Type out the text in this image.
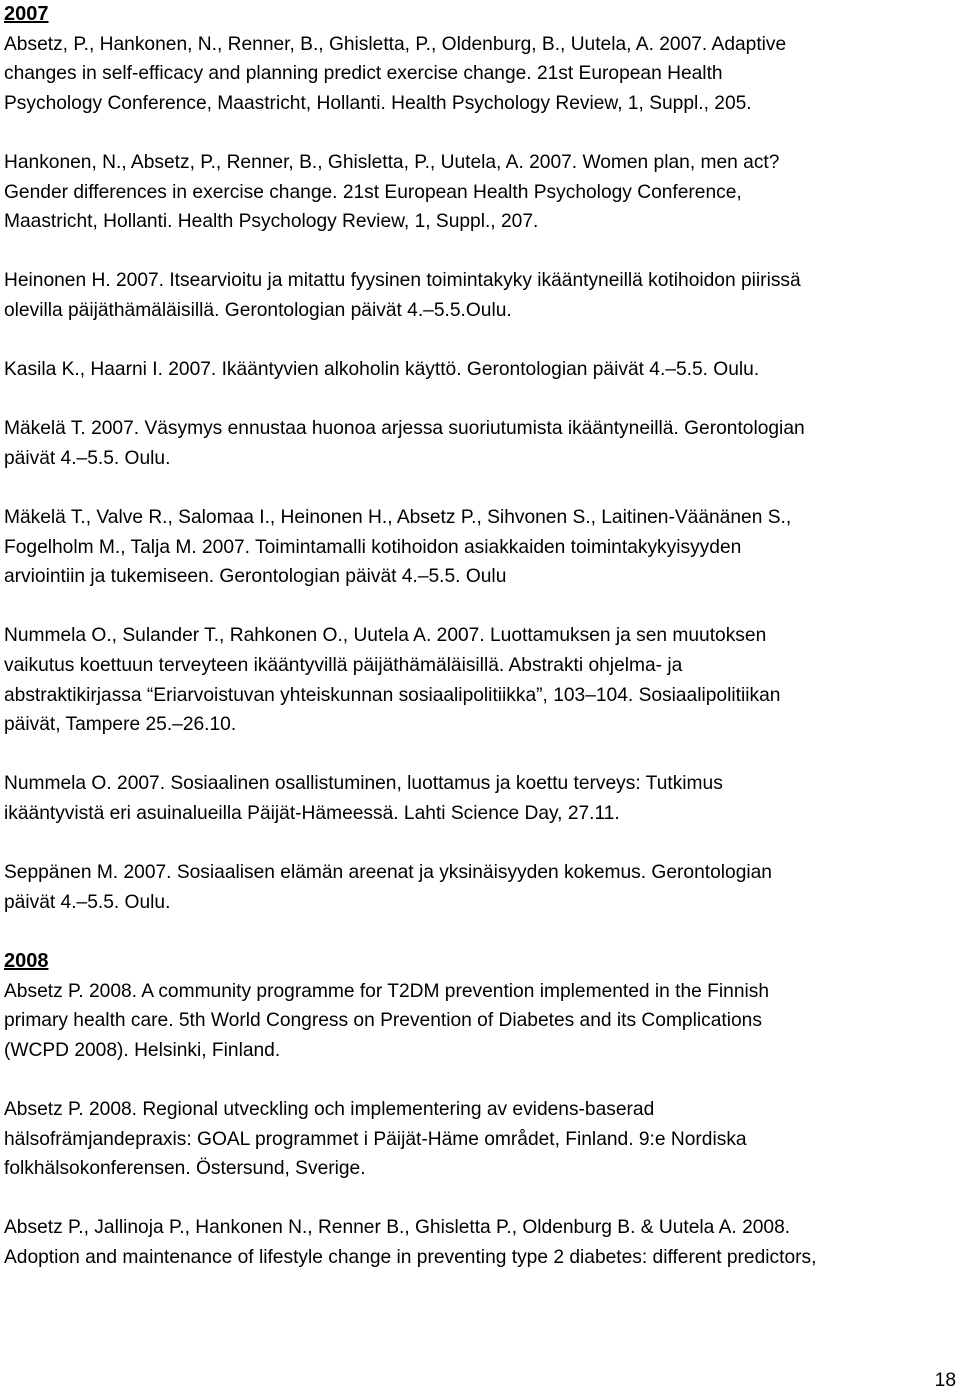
2007

Absetz, P., Hankonen, N., Renner, B., Ghisletta, P., Oldenburg, B., Uutela, A. 2007. Adaptive
changes in self-efficacy and planning predict exercise change. 21st European Health
Psychology Conference, Maastricht, Hollanti. Health Psychology Review, 1, Suppl., 205.

Hankonen, N., Absetz, P., Renner, B., Ghisletta, P., Uutela, A. 2007. Women plan, men act?
Gender differences in exercise change. 21st European Health Psychology Conference,
Maastricht, Hollanti. Health Psychology Review, 1, Suppl., 207.

Heinonen H. 2007. Itsearvioitu ja mitattu fyysinen toimintakyky ikääntyneillä kotihoidon piirissä
olevilla päijäthämäläisillä. Gerontologian päivät 4.–5.5.Oulu.

Kasila K., Haarni I. 2007. Ikääntyvien alkoholin käyttö. Gerontologian päivät 4.–5.5. Oulu.

Mäkelä T. 2007. Väsymys ennustaa huonoa arjessa suoriutumista ikääntyneillä. Gerontologian
päivät 4.–5.5. Oulu.

Mäkelä T., Valve R., Salomaa I., Heinonen H., Absetz P., Sihvonen S., Laitinen-Väänänen S.,
Fogelholm M., Talja M. 2007. Toimintamalli kotihoidon asiakkaiden toimintakykyisyyden
arviointiin ja tukemiseen. Gerontologian päivät 4.–5.5. Oulu

Nummela O., Sulander T., Rahkonen O., Uutela A. 2007. Luottamuksen ja sen muutoksen
vaikutus koettuun terveyteen ikääntyvillä päijäthämäläisillä. Abstrakti ohjelma- ja
abstraktikirjassa “Eriarvoistuvan yhteiskunnan sosiaalipolitiikka”, 103–104. Sosiaalipolitiikan
päivät, Tampere 25.–26.10.

Nummela O. 2007. Sosiaalinen osallistuminen, luottamus ja koettu terveys: Tutkimus
ikääntyvistä eri asuinalueilla Päijät-Hämeessä. Lahti Science Day, 27.11.

Seppänen M. 2007. Sosiaalisen elämän areenat ja yksinäisyyden kokemus. Gerontologian
päivät 4.–5.5. Oulu.

2008

Absetz P. 2008. A community programme for T2DM prevention implemented in the Finnish
primary health care. 5th World Congress on Prevention of Diabetes and its Complications
(WCPD 2008). Helsinki, Finland.

Absetz P. 2008. Regional utveckling och implementering av evidens-baserad
hälsofrämjandepraxis: GOAL programmet i Päijät-Häme området, Finland. 9:e Nordiska
folkhälsokonferensen. Östersund, Sverige.

Absetz P., Jallinoja P., Hankonen N., Renner B., Ghisletta P., Oldenburg B. & Uutela A. 2008.
Adoption and maintenance of lifestyle change in preventing type 2 diabetes: different predictors,

18
